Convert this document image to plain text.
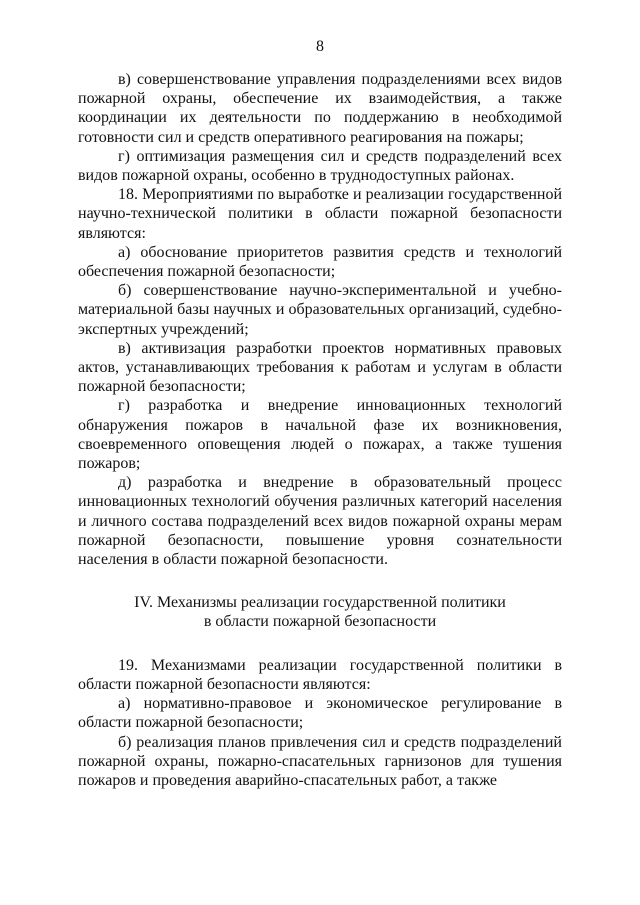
8

в) совершенствование управления подразделениями всех видов пожарной охраны, обеспечение их взаимодействия, а также координации их деятельности по поддержанию в необходимой готовности сил и средств оперативного реагирования на пожары;

г) оптимизация размещения сил и средств подразделений всех видов пожарной охраны, особенно в труднодоступных районах.

18. Мероприятиями по выработке и реализации государственной научно-технической политики в области пожарной безопасности являются:

а) обоснование приоритетов развития средств и технологий обеспечения пожарной безопасности;

б) совершенствование научно-экспериментальной и учебно-материальной базы научных и образовательных организаций, судебно-экспертных учреждений;

в) активизация разработки проектов нормативных правовых актов, устанавливающих требования к работам и услугам в области пожарной безопасности;

г) разработка и внедрение инновационных технологий обнаружения пожаров в начальной фазе их возникновения, своевременного оповещения людей о пожарах, а также тушения пожаров;

д) разработка и внедрение в образовательный процесс инновационных технологий обучения различных категорий населения и личного состава подразделений всех видов пожарной охраны мерам пожарной безопасности, повышение уровня сознательности населения в области пожарной безопасности.

IV. Механизмы реализации государственной политики
в области пожарной безопасности

19. Механизмами реализации государственной политики в области пожарной безопасности являются:

а) нормативно-правовое и экономическое регулирование в области пожарной безопасности;

б) реализация планов привлечения сил и средств подразделений пожарной охраны, пожарно-спасательных гарнизонов для тушения пожаров и проведения аварийно-спасательных работ, а также
